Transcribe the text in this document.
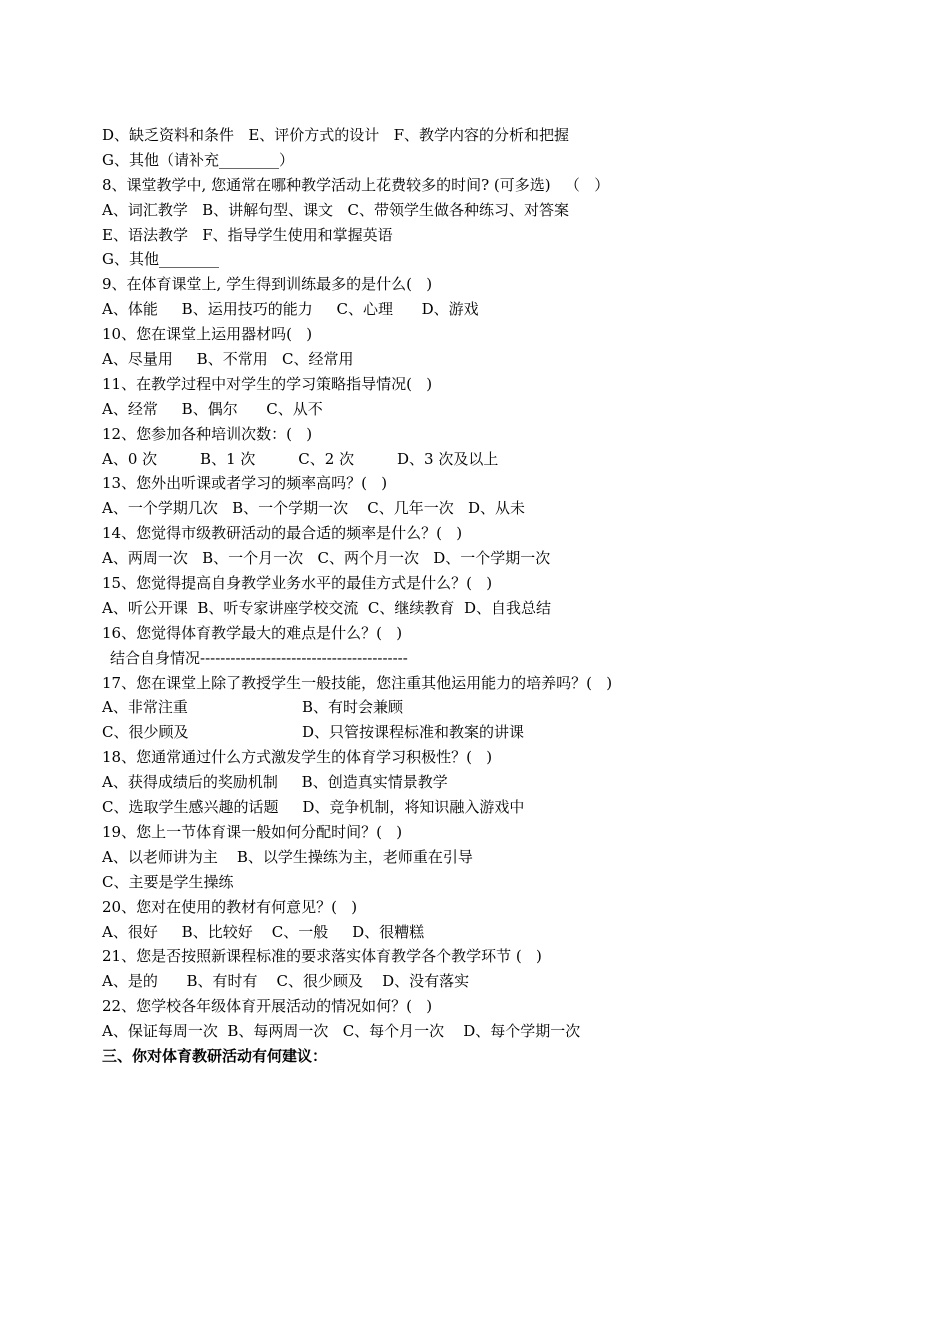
D、缺乏资料和条件   E、评价方式的设计   F、教学内容的分析和把握
G、其他（请补充________）
8、课堂教学中, 您通常在哪种教学活动上花费较多的时间? (可多选)   （   ）
A、词汇教学   B、讲解句型、课文   C、带领学生做各种练习、对答案
E、语法教学   F、指导学生使用和掌握英语
G、其他________
9、在体育课堂上, 学生得到训练最多的是什么(   )
A、体能     B、运用技巧的能力     C、心理      D、游戏
10、您在课堂上运用器材吗(   )
A、尽量用     B、不常用   C、经常用
11、在教学过程中对学生的学习策略指导情况(   )
A、经常     B、偶尔      C、从不
12、您参加各种培训次数：(   )
A、0 次         B、1 次         C、2 次         D、3 次及以上
13、您外出听课或者学习的频率高吗？(   )
A、一个学期几次   B、一个学期一次    C、几年一次   D、从未
14、您觉得市级教研活动的最合适的频率是什么？(   )
A、两周一次   B、一个月一次   C、两个月一次   D、一个学期一次
15、您觉得提高自身教学业务水平的最佳方式是什么？(   )
A、听公开课  B、听专家讲座学校交流  C、继续教育  D、自我总结
16、您觉得体育教学最大的难点是什么？(   )
结合自身情况-----------------------------------------
17、您在课堂上除了教授学生一般技能，您注重其他运用能力的培养吗？(   )
A、非常注重	B、有时会兼顾
C、很少顾及	D、只管按课程标准和教案的讲课
18、您通常通过什么方式激发学生的体育学习积极性？(   )
A、获得成绩后的奖励机制     B、创造真实情景教学
C、选取学生感兴趣的话题     D、竞争机制，将知识融入游戏中
19、您上一节体育课一般如何分配时间？(   )
A、以老师讲为主    B、以学生操练为主，老师重在引导
C、主要是学生操练
20、您对在使用的教材有何意见？(   )
A、很好     B、比较好    C、一般     D、很糟糕
21、您是否按照新课程标准的要求落实体育教学各个教学环节 (   )
A、是的      B、有时有    C、很少顾及    D、没有落实
22、您学校各年级体育开展活动的情况如何？(   )
A、保证每周一次  B、每两周一次   C、每个月一次    D、每个学期一次
三、你对体育教研活动有何建议：
